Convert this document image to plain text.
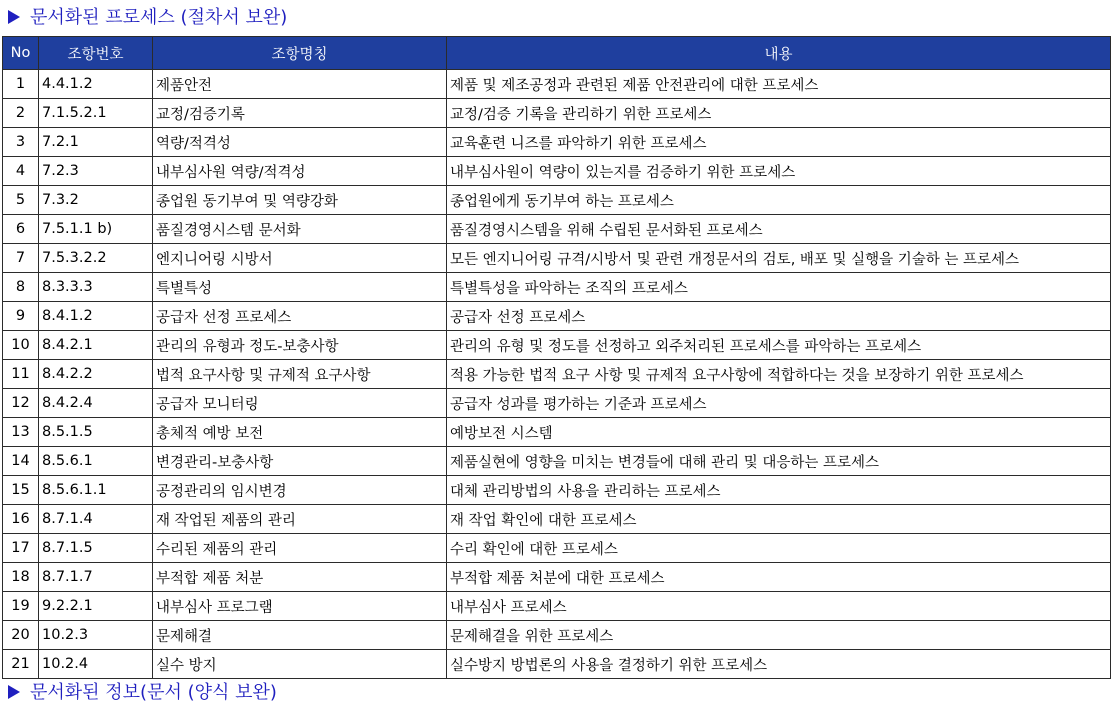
문서화된 프로세스 (절차서 보완)
No	조항번호	조항명칭	내용
1	4.4.1.2	제품안전	제품 및 제조공정과 관련된 제품 안전관리에 대한 프로세스
2	7.1.5.2.1	교정/검증기록	교정/검증 기록을 관리하기 위한 프로세스
3	7.2.1	역량/적격성	교육훈련 니즈를 파악하기 위한 프로세스
4	7.2.3	내부심사원 역량/적격성	내부심사원이 역량이 있는지를 검증하기 위한 프로세스
5	7.3.2	종업원 동기부여 및 역량강화	종업원에게 동기부여 하는 프로세스
6	7.5.1.1 b)	품질경영시스템 문서화	품질경영시스템을 위해 수립된 문서화된 프로세스
7	7.5.3.2.2	엔지니어링 시방서	모든 엔지니어링 규격/시방서 및 관련 개정문서의 검토, 배포 및 실행을 기술하 는 프로세스
8	8.3.3.3	특별특성	특별특성을 파악하는 조직의 프로세스
9	8.4.1.2	공급자 선정 프로세스	공급자 선정 프로세스
10	8.4.2.1	관리의 유형과 정도-보충사항	관리의 유형 및 정도를 선정하고 외주처리된 프로세스를 파악하는 프로세스
11	8.4.2.2	법적 요구사항 및 규제적 요구사항	적용 가능한 법적 요구 사항 및 규제적 요구사항에 적합하다는 것을 보장하기 위한 프로세스
12	8.4.2.4	공급자 모니터링	공급자 성과를 평가하는 기준과 프로세스
13	8.5.1.5	총체적 예방 보전	예방보전 시스템
14	8.5.6.1	변경관리-보충사항	제품실현에 영향을 미치는 변경들에 대해 관리 및 대응하는 프로세스
15	8.5.6.1.1	공정관리의 임시변경	대체 관리방법의 사용을 관리하는 프로세스
16	8.7.1.4	재 작업된 제품의 관리	재 작업 확인에 대한 프로세스
17	8.7.1.5	수리된 제품의 관리	수리 확인에 대한 프로세스
18	8.7.1.7	부적합 제품 처분	부적합 제품 처분에 대한 프로세스
19	9.2.2.1	내부심사 프로그램	내부심사 프로세스
20	10.2.3	문제해결	문제해결을 위한 프로세스
21	10.2.4	실수 방지	실수방지 방법론의 사용을 결정하기 위한 프로세스
문서화된 정보(문서 (양식 보완)
